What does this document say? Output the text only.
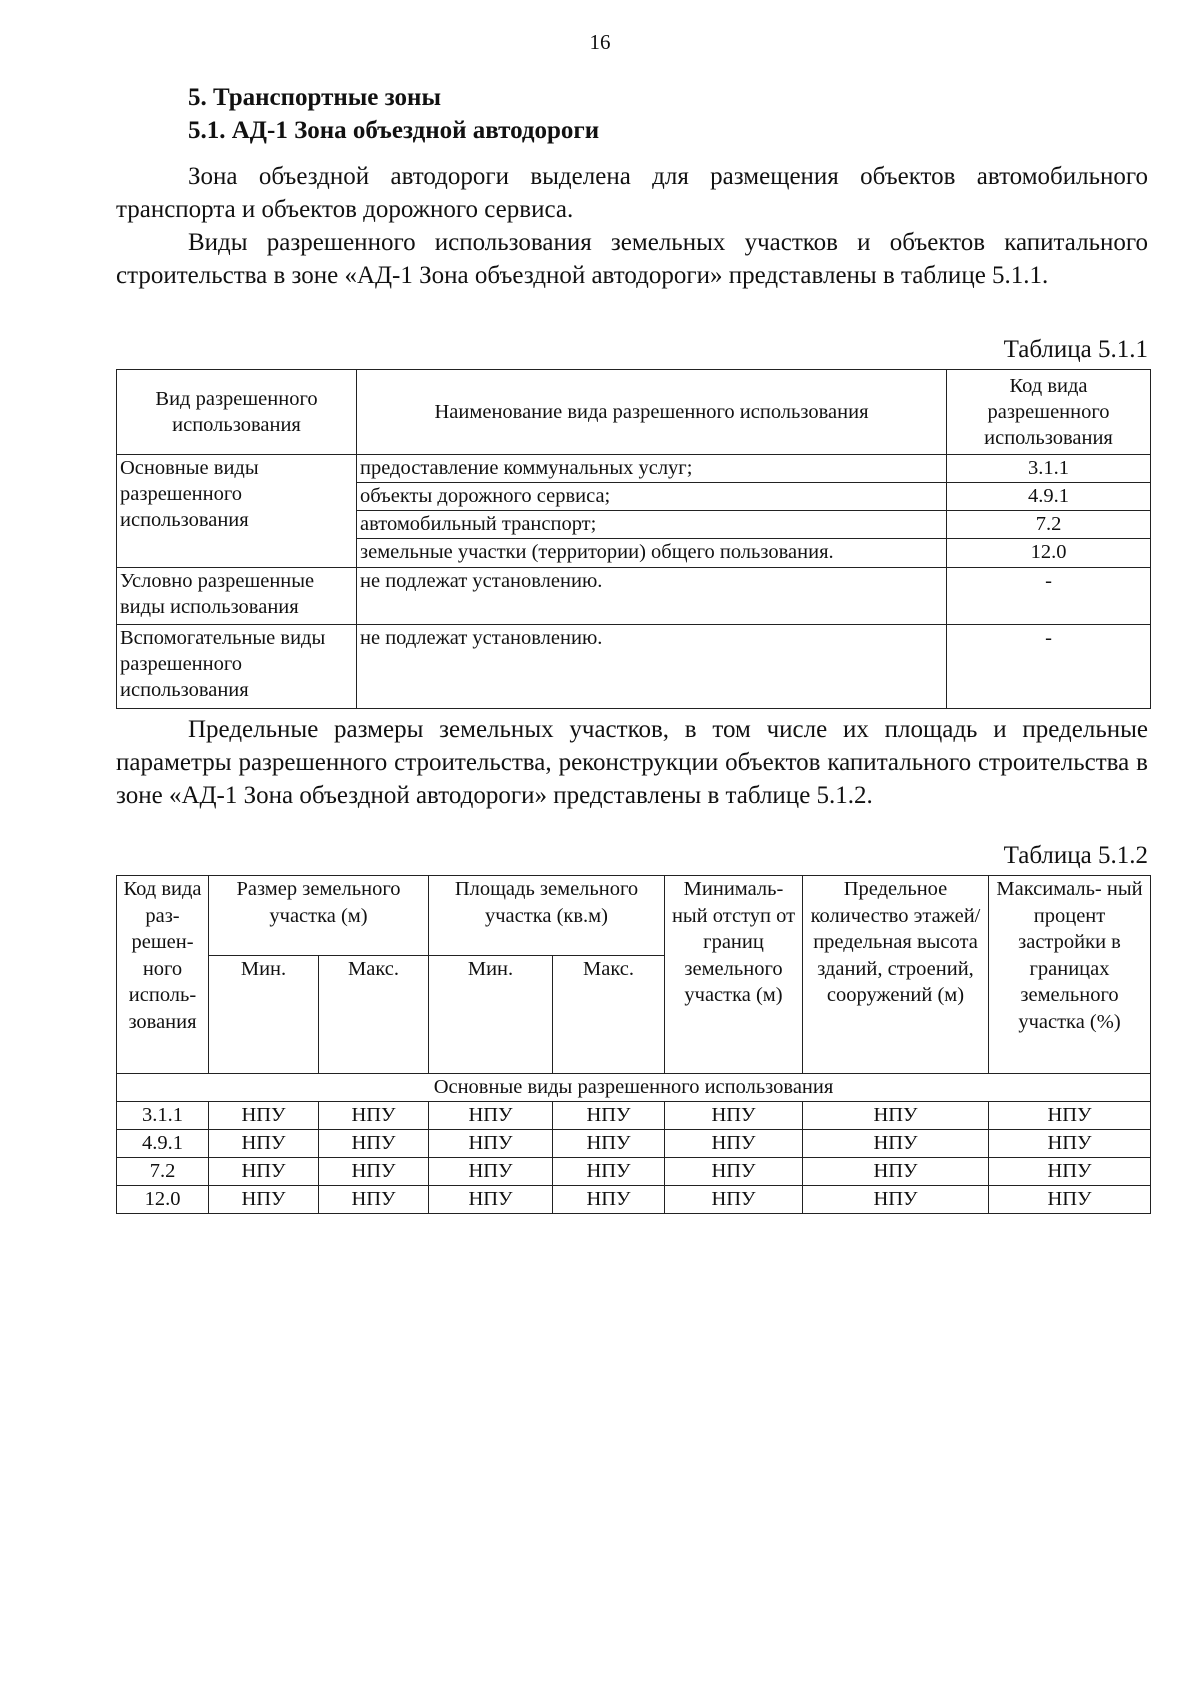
16
5. Транспортные зоны
5.1. АД-1 Зона объездной автодороги
Зона объездной автодороги выделена для размещения объектов автомобильного транспорта и объектов дорожного сервиса.
Виды разрешенного использования земельных участков и объектов капитального строительства в зоне «АД-1 Зона объездной автодороги» представлены в таблице 5.1.1.
Таблица 5.1.1
Вид разрешенного использования	Наименование вида разрешенного использования	Код вида разрешенного использования
Основные виды разрешенного использования	предоставление коммунальных услуг;	3.1.1
	объекты дорожного сервиса;	4.9.1
	автомобильный транспорт;	7.2
	земельные участки (территории) общего пользования.	12.0
Условно разрешенные виды использования	не подлежат установлению.	-
Вспомогательные виды разрешенного использования	не подлежат установлению.	-
Предельные размеры земельных участков, в том числе их площадь и предельные параметры разрешенного строительства, реконструкции объектов капитального строительства в зоне «АД-1 Зона объездной автодороги» представлены в таблице 5.1.2.
Таблица 5.1.2
Код вида раз- решен- ного исполь- зования	Размер земельного участка (м)		Площадь земельного участка (кв.м)		Минималь- ный отступ от границ земельного участка (м)	Предельное количество этажей/ предельная высота зданий, строений, сооружений (м)	Максималь- ный процент застройки в границах земельного участка (%)
	Мин.	Макс.	Мин.	Макс.			
Основные виды разрешенного использования							
3.1.1	НПУ	НПУ	НПУ	НПУ	НПУ	НПУ	НПУ
4.9.1	НПУ	НПУ	НПУ	НПУ	НПУ	НПУ	НПУ
7.2	НПУ	НПУ	НПУ	НПУ	НПУ	НПУ	НПУ
12.0	НПУ	НПУ	НПУ	НПУ	НПУ	НПУ	НПУ
